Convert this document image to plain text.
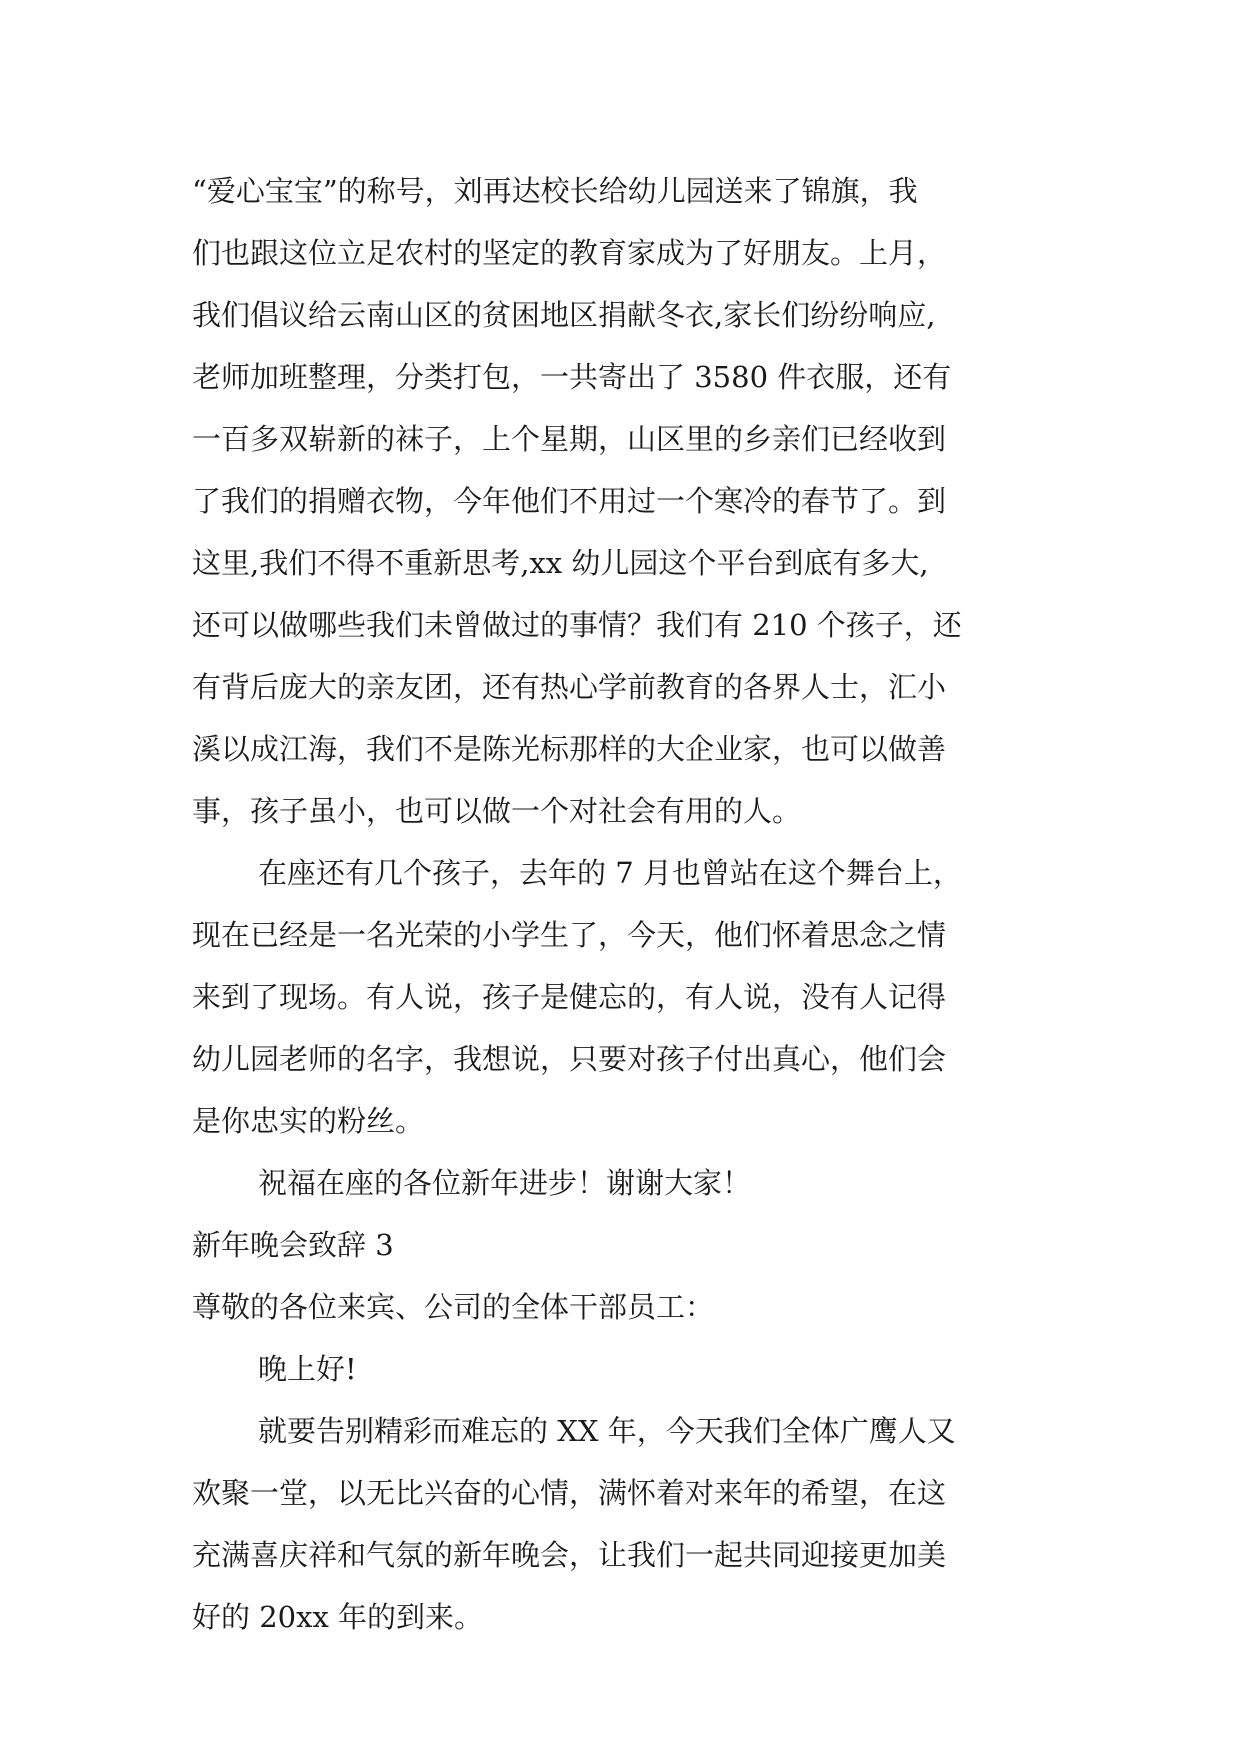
“爱心宝宝”的称号，刘再达校长给幼儿园送来了锦旗，我
们也跟这位立足农村的坚定的教育家成为了好朋友。上月，
我们倡议给云南山区的贫困地区捐献冬衣,家长们纷纷响应,
老师加班整理，分类打包，一共寄出了 3580 件衣服，还有
一百多双崭新的袜子，上个星期，山区里的乡亲们已经收到
了我们的捐赠衣物，今年他们不用过一个寒冷的春节了。到
这里,我们不得不重新思考,xx 幼儿园这个平台到底有多大,
还可以做哪些我们未曾做过的事情？我们有 210 个孩子，还
有背后庞大的亲友团，还有热心学前教育的各界人士，汇小
溪以成江海，我们不是陈光标那样的大企业家，也可以做善
事，孩子虽小，也可以做一个对社会有用的人。
在座还有几个孩子，去年的 7 月也曾站在这个舞台上，
现在已经是一名光荣的小学生了，今天，他们怀着思念之情
来到了现场。有人说，孩子是健忘的，有人说，没有人记得
幼儿园老师的名字，我想说，只要对孩子付出真心，他们会
是你忠实的粉丝。
祝福在座的各位新年进步！谢谢大家！
新年晚会致辞 3
尊敬的各位来宾、公司的全体干部员工：
晚上好!
就要告别精彩而难忘的 XX 年，今天我们全体广鹰人又
欢聚一堂，以无比兴奋的心情，满怀着对来年的希望，在这
充满喜庆祥和气氛的新年晚会，让我们一起共同迎接更加美
好的 20xx 年的到来。
